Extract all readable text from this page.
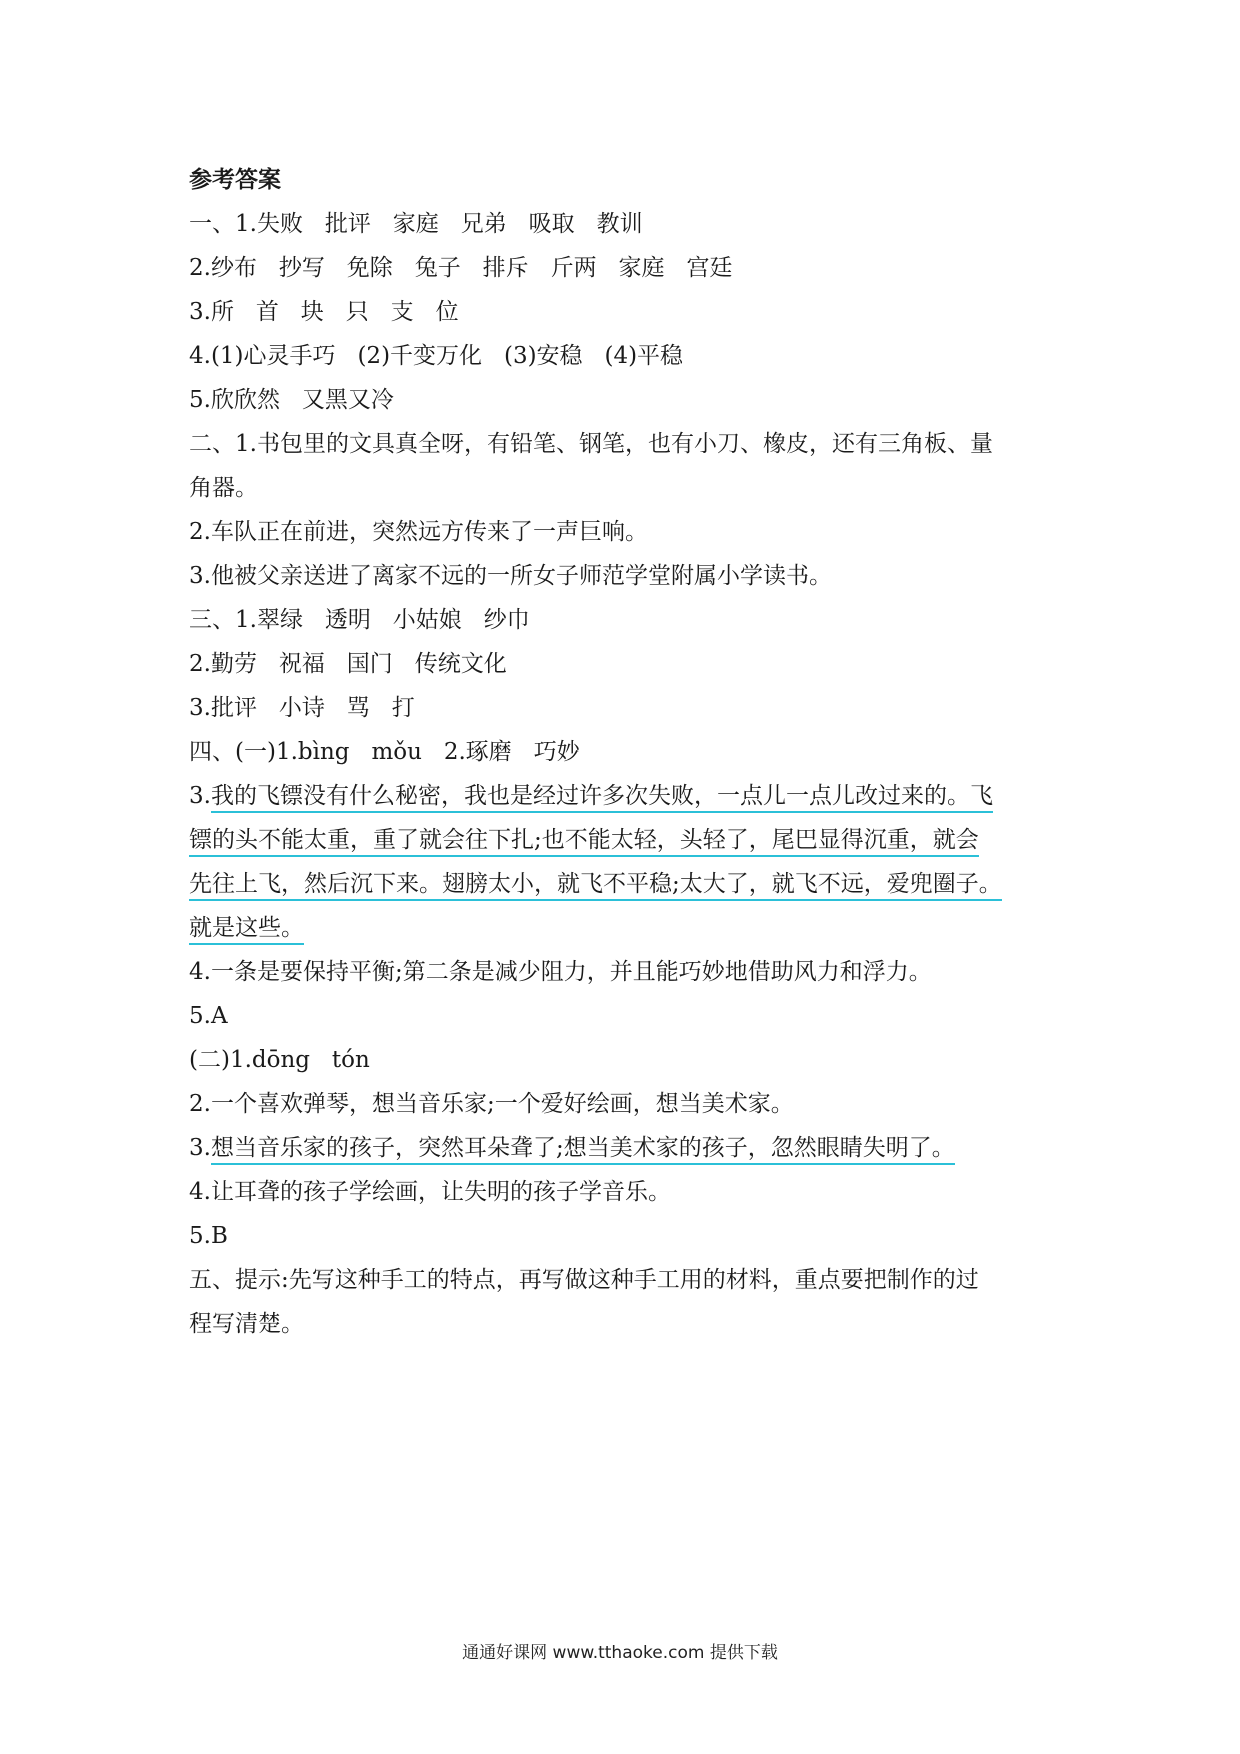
参考答案
一、1.失败   批评   家庭   兄弟   吸取   教训
2.纱布   抄写   免除   兔子   排斥   斤两   家庭   宫廷
3.所   首   块   只   支   位
4.(1)心灵手巧   (2)千变万化   (3)安稳   (4)平稳
5.欣欣然   又黑又冷
二、1.书包里的文具真全呀，有铅笔、钢笔，也有小刀、橡皮，还有三角板、量
角器。
2.车队正在前进，突然远方传来了一声巨响。
3.他被父亲送进了离家不远的一所女子师范学堂附属小学读书。
三、1.翠绿   透明   小姑娘   纱巾
2.勤劳   祝福   国门   传统文化
3.批评   小诗   骂   打
四、(一)1.bìng   mǒu   2.琢磨   巧妙
3.我的飞镖没有什么秘密，我也是经过许多次失败，一点儿一点儿改过来的。飞
镖的头不能太重，重了就会往下扎;也不能太轻，头轻了，尾巴显得沉重，就会
先往上飞，然后沉下来。翅膀太小，就飞不平稳;太大了，就飞不远，爱兜圈子。
就是这些。
4.一条是要保持平衡;第二条是减少阻力，并且能巧妙地借助风力和浮力。
5.A
(二)1.dōng   tón
2.一个喜欢弹琴，想当音乐家;一个爱好绘画，想当美术家。
3.想当音乐家的孩子，突然耳朵聋了;想当美术家的孩子，忽然眼睛失明了。
4.让耳聋的孩子学绘画，让失明的孩子学音乐。
5.B
五、提示:先写这种手工的特点，再写做这种手工用的材料，重点要把制作的过
程写清楚。
通通好课网 www.tthaoke.com 提供下载
